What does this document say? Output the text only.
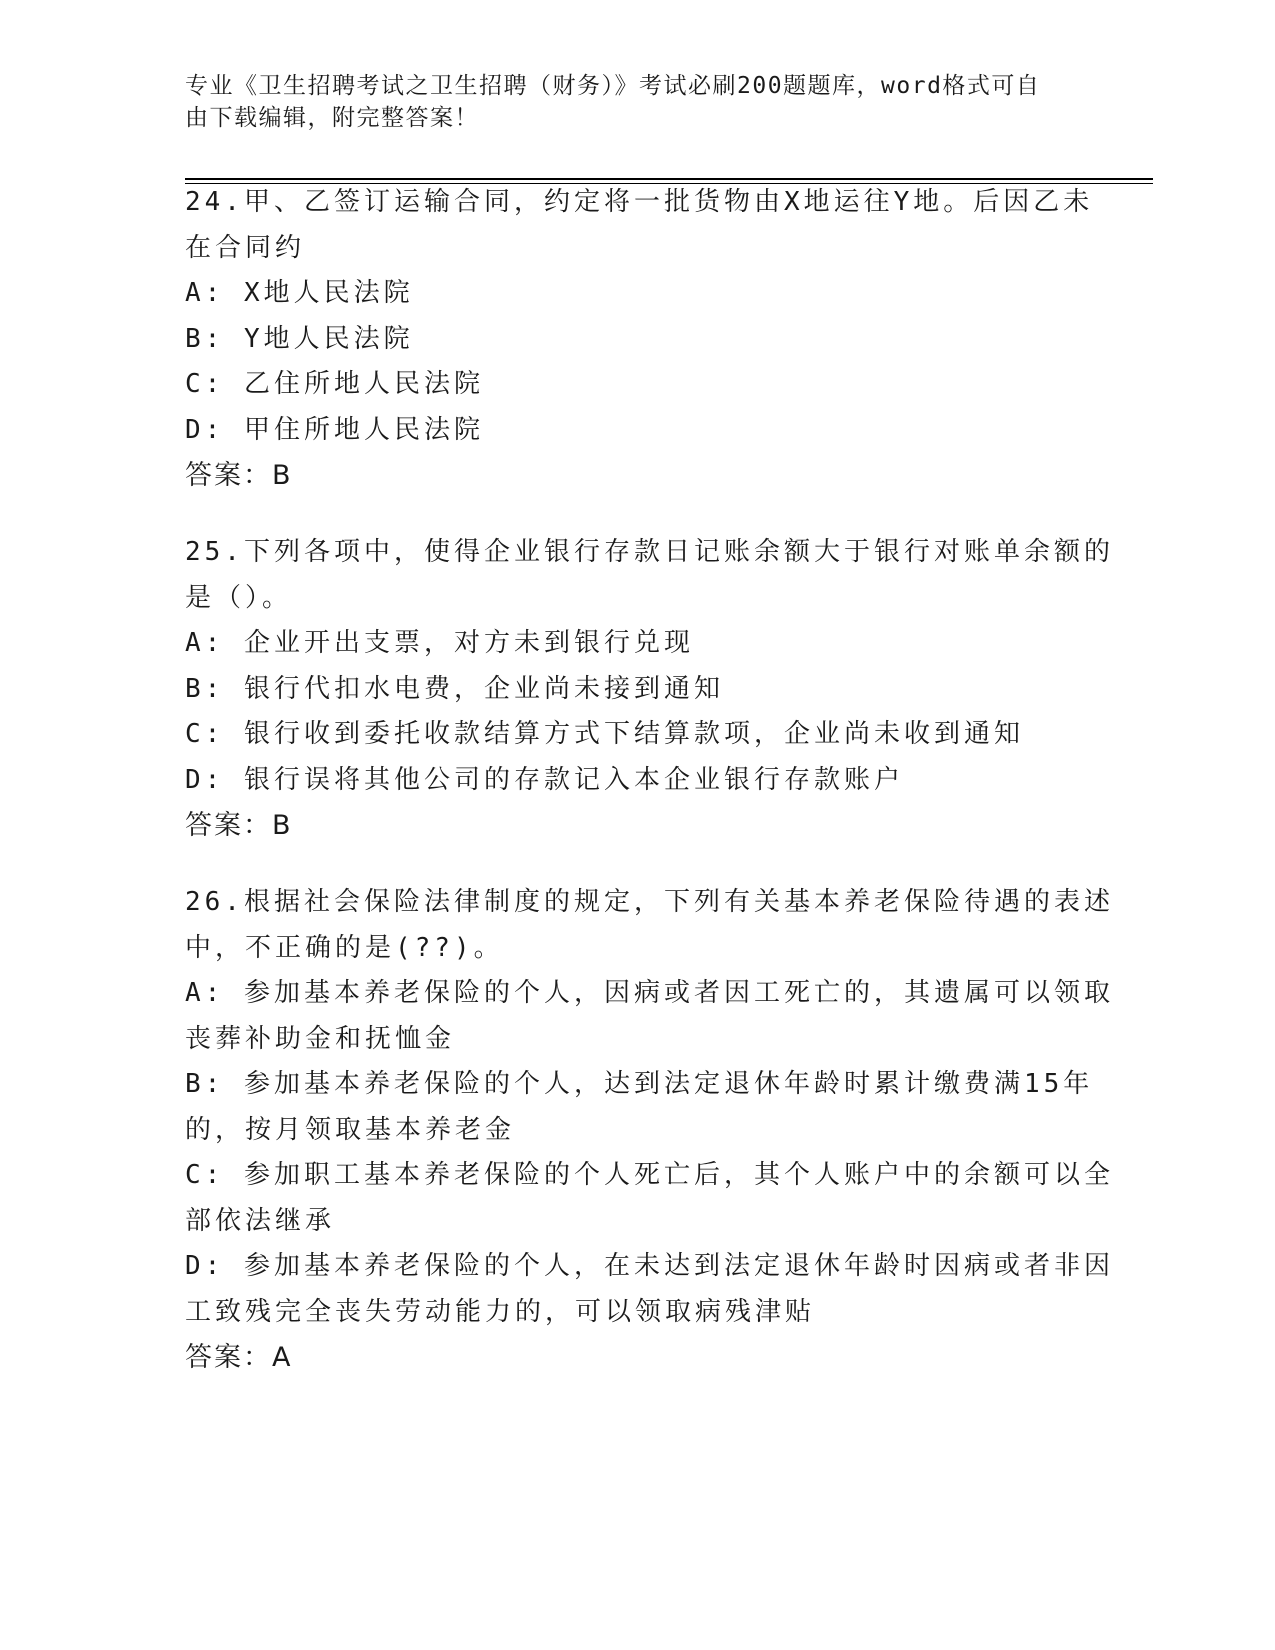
专业《卫生招聘考试之卫生招聘（财务）》考试必刷200题题库，word格式可自
由下载编辑，附完整答案！
24.甲、乙签订运输合同，约定将一批货物由X地运往Y地。后因乙未
在合同约
A: X地人民法院
B: Y地人民法院
C: 乙住所地人民法院
D: 甲住所地人民法院
答案：B
25.下列各项中，使得企业银行存款日记账余额大于银行对账单余额的
是（）。
A: 企业开出支票，对方未到银行兑现
B: 银行代扣水电费，企业尚未接到通知
C: 银行收到委托收款结算方式下结算款项，企业尚未收到通知
D: 银行误将其他公司的存款记入本企业银行存款账户
答案：B
26.根据社会保险法律制度的规定，下列有关基本养老保险待遇的表述
中，不正确的是(??)。
A: 参加基本养老保险的个人，因病或者因工死亡的，其遗属可以领取
丧葬补助金和抚恤金
B: 参加基本养老保险的个人，达到法定退休年龄时累计缴费满15年
的，按月领取基本养老金
C: 参加职工基本养老保险的个人死亡后，其个人账户中的余额可以全
部依法继承
D: 参加基本养老保险的个人，在未达到法定退休年龄时因病或者非因
工致残完全丧失劳动能力的，可以领取病残津贴
答案：A
